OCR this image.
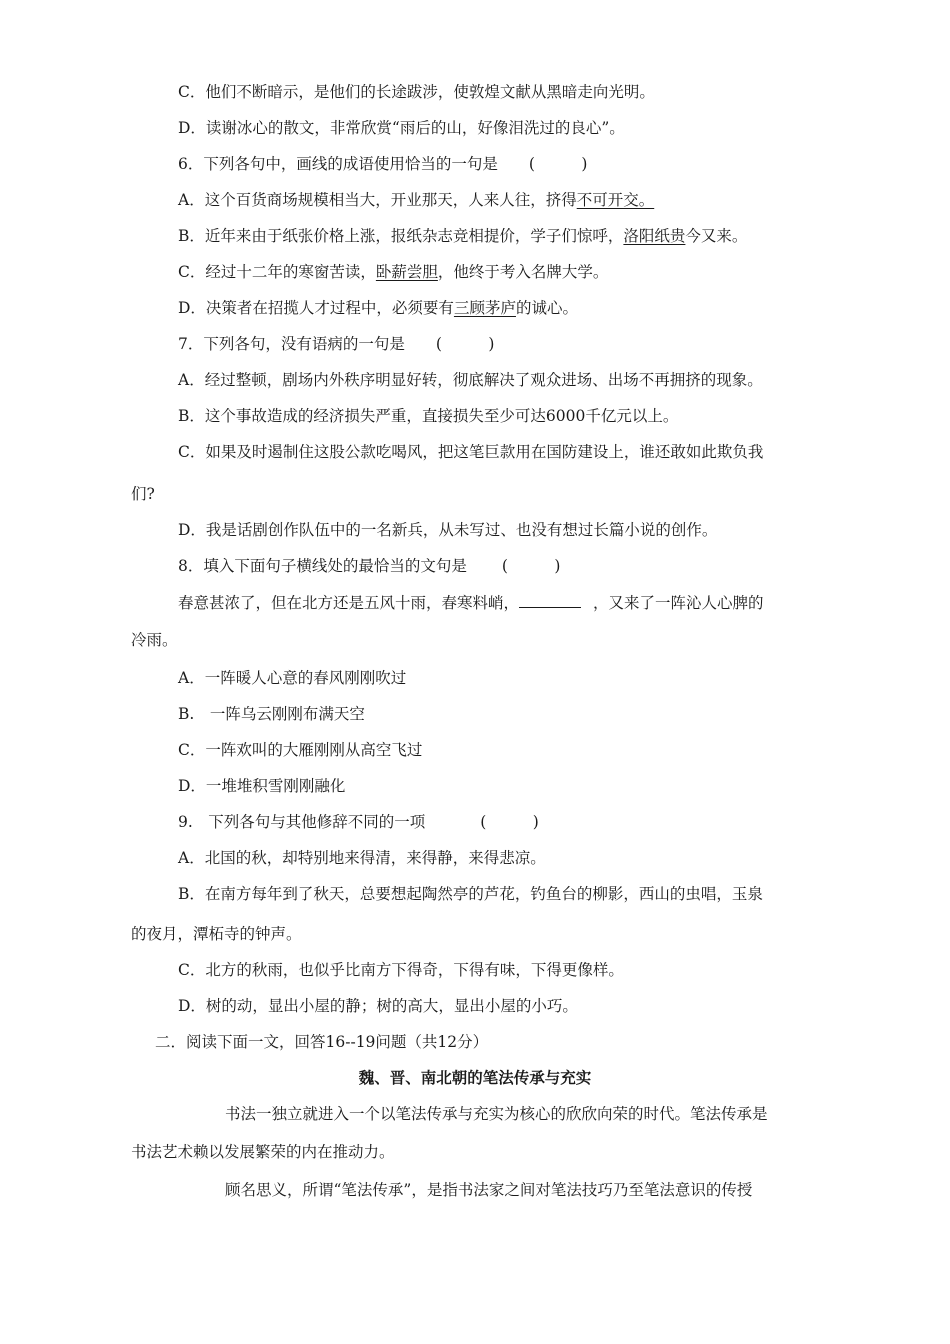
C．他们不断暗示，是他们的长途跋涉，使敦煌文献从黑暗走向光明。
D．读谢冰心的散文，非常欣赏“雨后的山，好像泪洗过的良心”。
6．下列各句中，画线的成语使用恰当的一句是 (　　　)
A．这个百货商场规模相当大，开业那天，人来人往，挤得不可开交。
B．近年来由于纸张价格上涨，报纸杂志竞相提价，学子们惊呼，洛阳纸贵今又来。
C．经过十二年的寒窗苦读，卧薪尝胆，他终于考入名牌大学。
D．决策者在招揽人才过程中，必须要有三顾茅庐的诚心。
7．下列各句，没有语病的一句是 (　　　)
A．经过整顿，剧场内外秩序明显好转，彻底解决了观众进场、出场不再拥挤的现象。
B．这个事故造成的经济损失严重，直接损失至少可达6000千亿元以上。
C．如果及时遏制住这股公款吃喝风，把这笔巨款用在国防建设上，谁还敢如此欺负我
们?
D．我是话剧创作队伍中的一名新兵，从未写过、也没有想过长篇小说的创作。
8．填入下面句子横线处的最恰当的文句是 (　　　)
春意甚浓了，但在北方还是五风十雨，春寒料峭，	，又来了一阵沁人心脾的
冷雨。
A．一阵暖人心意的春风刚刚吹过
B.　一阵乌云刚刚布满天空
C．一阵欢叫的大雁刚刚从高空飞过
D．一堆堆积雪刚刚融化
9.　下列各句与其他修辞不同的一项	(　　　)
A．北国的秋，却特别地来得清，来得静，来得悲凉。
B．在南方每年到了秋天，总要想起陶然亭的芦花，钓鱼台的柳影，西山的虫唱，玉泉
的夜月，潭柘寺的钟声。
C．北方的秋雨，也似乎比南方下得奇，下得有味，下得更像样。
D．树的动，显出小屋的静；树的高大，显出小屋的小巧。
二．阅读下面一文，回答16--19问题（共12分）
魏、晋、南北朝的笔法传承与充实
书法一独立就进入一个以笔法传承与充实为核心的欣欣向荣的时代。笔法传承是
书法艺术赖以发展繁荣的内在推动力。
顾名思义，所谓“笔法传承”，是指书法家之间对笔法技巧乃至笔法意识的传授
